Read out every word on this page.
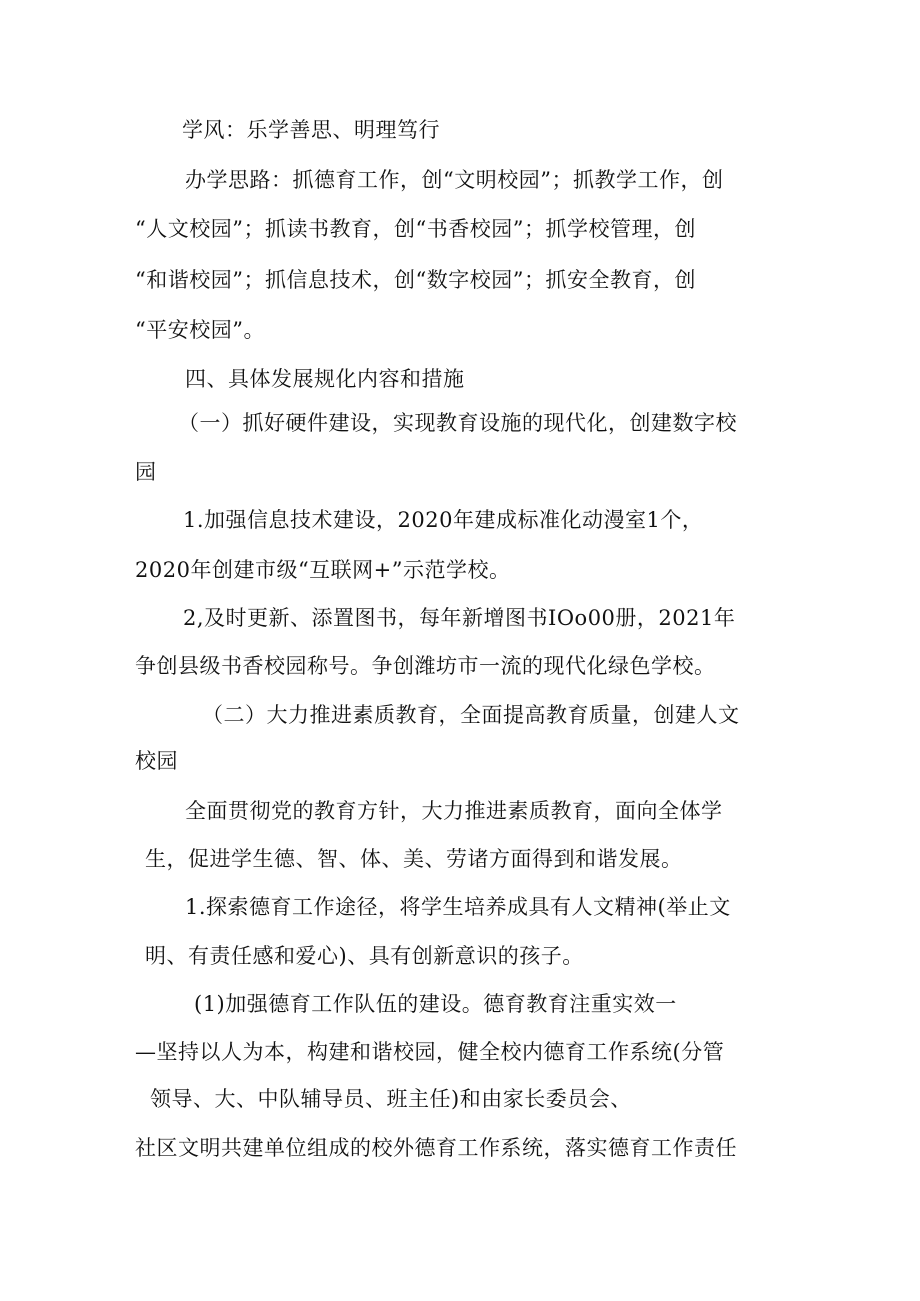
学风：乐学善思、明理笃行
办学思路：抓德育工作，创“文明校园”；抓教学工作，创
“人文校园”；抓读书教育，创“书香校园”；抓学校管理，创
“和谐校园”；抓信息技术，创“数字校园”；抓安全教育，创
“平安校园”。
四、具体发展规化内容和措施
（一）抓好硬件建设，实现教育设施的现代化，创建数字校
园
1.加强信息技术建设，2020年建成标准化动漫室1个，
2020年创建市级“互联网+”示范学校。
2,及时更新、添置图书，每年新增图书IOo00册，2021年
争创县级书香校园称号。争创潍坊市一流的现代化绿色学校。
（二）大力推进素质教育，全面提高教育质量，创建人文
校园
全面贯彻党的教育方针，大力推进素质教育，面向全体学
生，促进学生德、智、体、美、劳诸方面得到和谐发展。
1.探索德育工作途径，将学生培养成具有人文精神(举止文
明、有责任感和爱心)、具有创新意识的孩子。
(1)加强德育工作队伍的建设。德育教育注重实效一
—坚持以人为本，构建和谐校园，健全校内德育工作系统(分管
领导、大、中队辅导员、班主任)和由家长委员会、
社区文明共建单位组成的校外德育工作系统，落实德育工作责任
